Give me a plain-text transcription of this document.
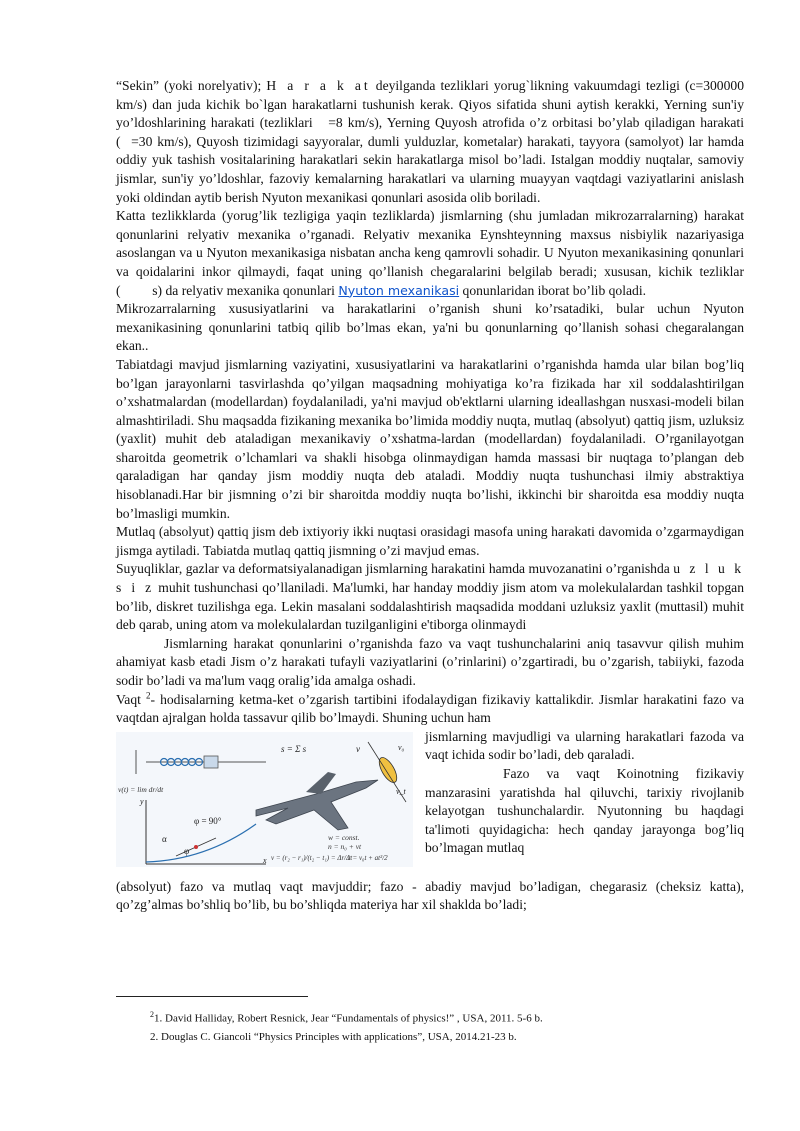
“Sekin” (yoki norelyativ); H a r a k at deyilganda tezliklari yorug`likning vakuumdagi tezligi (c=300000 km/s) dan juda kichik bo`lgan harakatlarni tushunish kerak. Qiyos sifatida shuni aytish kerakki, Yerning sun'iy yo’ldoshlarining harakati (tezliklari  =8 km/s), Yerning Quyosh atrofida o’z orbitasi bo’ylab qiladigan harakati ( =30 km/s), Quyosh tizimidagi sayyoralar, dumli yulduzlar, kometalar) harakati, tayyora (samolyot) lar hamda oddiy yuk tashish vositalarining harakatlari sekin harakatlarga misol bo’ladi. Istalgan moddiy nuqtalar, samoviy jismlar, sun'iy yo’ldoshlar, fazoviy kemalarning harakatlari va ularning muayyan vaqtdagi vaziyatlarini anislash yoki oldindan aytib berish Nyuton mexanikasi qonunlari asosida olib boriladi.

Katta tezlikklarda (yorug’lik tezligiga yaqin tezliklarda) jismlarning (shu jumladan mikrozarralarning) harakat qonunlarini relyativ mexanika o’rganadi. Relyativ mexanika Eynshteynning maxsus nisbiylik nazariyasiga asoslangan va u Nyuton mexanikasiga nisbatan ancha keng qamrovli sohadir. U Nyuton mexanikasining qonunlari va qoidalarini inkor qilmaydi, faqat uning qo’llanish chegaralarini belgilab beradi; xususan, kichik tezliklar (   s) da relyativ mexanika qonunlari Nyuton mexanikasi qonunlaridan iborat bo’lib qoladi.

Mikrozarralarning xususiyatlarini va harakatlarini o’rganish shuni ko’rsatadiki, bular uchun Nyuton mexanikasining qonunlarini tatbiq qilib bo’lmas ekan, ya'ni bu qonunlarning qo’llanish sohasi chegaralangan ekan..

Tabiatdagi mavjud jismlarning vaziyatini, xususiyatlarini va harakatlarini o’rganishda hamda ular bilan bog’liq bo’lgan jarayonlarni tasvirlashda qo’yilgan maqsadning mohiyatiga ko’ra fizikada har xil soddalashtirilgan o’xshatmalardan (modellardan) foydalaniladi, ya'ni mavjud ob'ektlarni ularning ideallashgan nusxasi-modeli bilan almashtiriladi. Shu maqsadda fizikaning mexanika bo’limida moddiy nuqta, mutlaq (absolyut) qattiq jism, uzluksiz (yaxlit) muhit deb ataladigan mexanikaviy o’xshatma-lardan (modellardan) foydalaniladi. O’rganilayotgan sharoitda geometrik o’lchamlari va shakli hisobga olinmaydigan hamda massasi bir nuqtaga to’plangan deb qaraladigan har qanday jism moddiy nuqta deb ataladi. Moddiy nuqta tushunchasi ilmiy abstraktiya hisoblanadi.Har bir jismning o’zi bir sharoitda moddiy nuqta bo’lishi, ikkinchi bir sharoitda esa moddiy nuqta bo’lmasligi mumkin.

Mutlaq (absolyut) qattiq jism deb ixtiyoriy ikki nuqtasi orasidagi masofa uning harakati davomida o’zgarmaydigan jismga aytiladi. Tabiatda mutlaq qattiq jismning o’zi mavjud emas.

Suyuqliklar, gazlar va deformatsiyalanadigan jismlarning harakatini hamda muvozanatini o’rganishda u z l u k s i z muhit tushunchasi qo’llaniladi. Ma'lumki, har handay moddiy jism atom va molekulalardan tashkil topgan bo’lib, diskret tuzilishga ega. Lekin masalani soddalashtirish maqsadida moddani uzluksiz yaxlit (muttasil) muhit deb qarab, uning atom va molekulalardan tuzilganligini e'tiborga olinmaydi

Jismlarning harakat qonunlarini o’rganishda fazo va vaqt tushunchalarini aniq tasavvur qilish muhim ahamiyat kasb etadi Jism o’z harakati tufayli vaziyatlarini (o’rinlarini) o’zgartiradi, bu o’zgarish, tabiiyki, fazoda sodir bo’ladi va ma'lum vaqg oralig’ida amalga oshadi.

Vaqt $^2$- hodisalarning ketma-ket o’zgarish tartibini ifodalaydigan fizikaviy kattalikdir. Jismlar harakatini fazo va vaqtdan ajralgan holda tassavur qilib bo’lmaydi. Shuning uchun ham

s = Σ s
v(t) = lim dr/dt
y
x
α
φ
φ = 90°
v	v₀
v_t
w = const.
n = n₀ + vt
v = (r₂ − r₁)/(t₂ − t₁) = Δr/Δt
r = v₀t + at²/2

jismlarning mavjudligi va ularning harakatlari fazoda va vaqt ichida sodir bo’ladi, deb qaraladi.

Fazo va vaqt Koinotning fizikaviy manzarasini yaratishda hal qiluvchi, tarixiy rivojlanib kelayotgan tushunchalardir. Nyutonning bu haqdagi ta'limoti quyidagicha: hech qanday jarayonga bog’liq bo’lmagan mutlaq

(absolyut) fazo va mutlaq vaqt mavjuddir; fazo - abadiy mavjud bo’ladigan, chegarasiz (cheksiz katta), qo’zg’almas bo’shliq bo’lib, bu bo’shliqda materiya har xil shaklda bo’ladi;

$^2$1. David Halliday, Robert Resnick, Jear “Fundamentals of physics!” , USA, 2011. 5-6 b.
2. Douglas C. Giancoli “Physics Principles with applications”, USA, 2014.21-23 b.
